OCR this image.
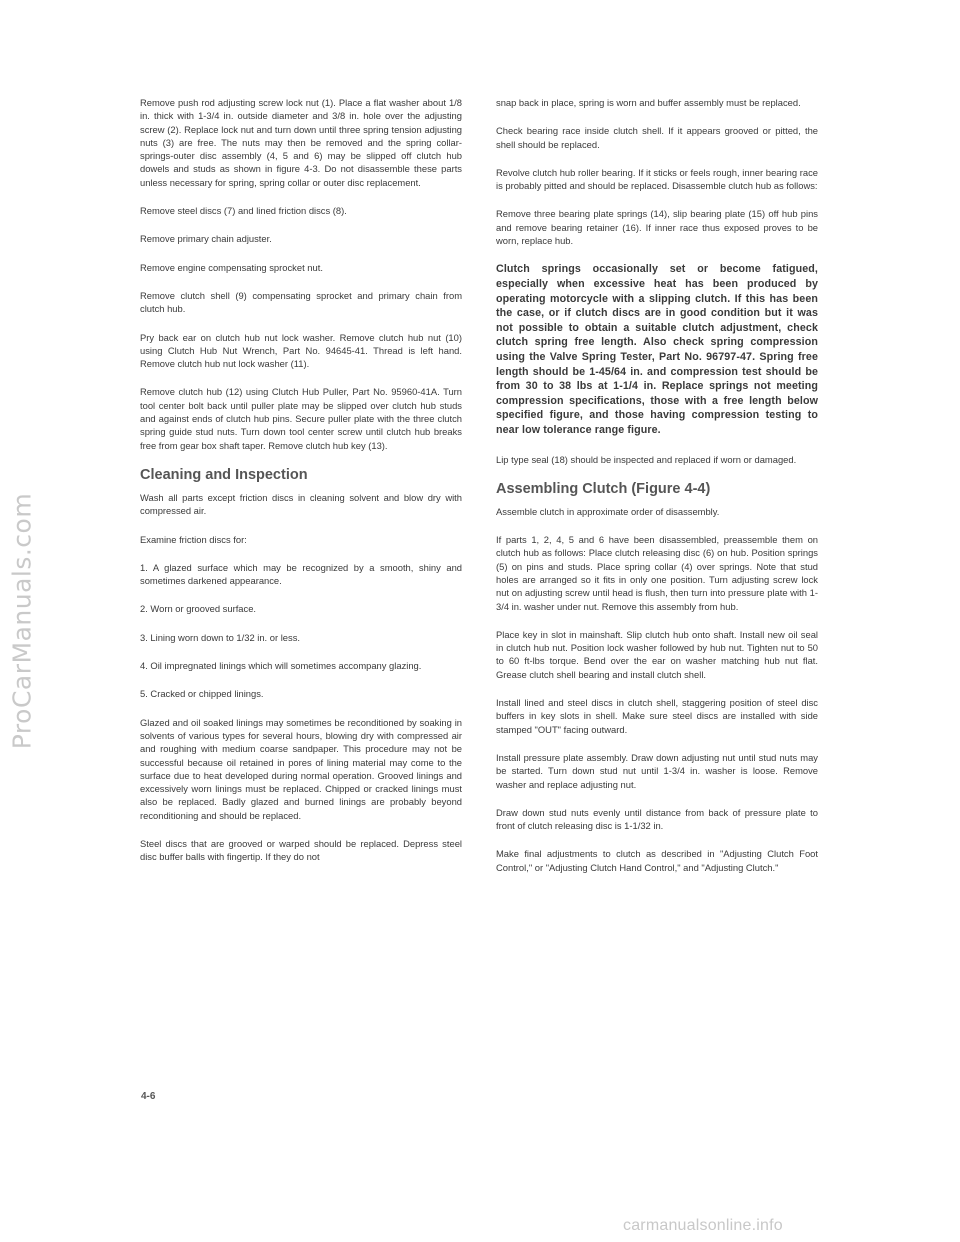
ProCarManuals.com

Remove push rod adjusting screw lock nut (1). Place a flat washer about 1/8 in. thick with 1-3/4 in. outside diameter and 3/8 in. hole over the adjusting screw (2). Replace lock nut and turn down until three spring tension adjusting nuts (3) are free. The nuts may then be removed and the spring collar-springs-outer disc assembly (4, 5 and 6) may be slipped off clutch hub dowels and studs as shown in figure 4-3. Do not disassemble these parts unless necessary for spring, spring collar or outer disc replacement.

Remove steel discs (7) and lined friction discs (8).

Remove primary chain adjuster.

Remove engine compensating sprocket nut.

Remove clutch shell (9) compensating sprocket and primary chain from clutch hub.

Pry back ear on clutch hub nut lock washer. Remove clutch hub nut (10) using Clutch Hub Nut Wrench, Part No. 94645-41. Thread is left hand. Remove clutch hub nut lock washer (11).

Remove clutch hub (12) using Clutch Hub Puller, Part No. 95960-41A. Turn tool center bolt back until puller plate may be slipped over clutch hub studs and against ends of clutch hub pins. Secure puller plate with the three clutch spring guide stud nuts. Turn down tool center screw until clutch hub breaks free from gear box shaft taper. Remove clutch hub key (13).

Cleaning and Inspection

Wash all parts except friction discs in cleaning solvent and blow dry with compressed air.

Examine friction discs for:

1. A glazed surface which may be recognized by a smooth, shiny and sometimes darkened appearance.

2. Worn or grooved surface.

3. Lining worn down to 1/32 in. or less.

4. Oil impregnated linings which will sometimes accompany glazing.

5. Cracked or chipped linings.

Glazed and oil soaked linings may sometimes be reconditioned by soaking in solvents of various types for several hours, blowing dry with compressed air and roughing with medium coarse sandpaper. This procedure may not be successful because oil retained in pores of lining material may come to the surface due to heat developed during normal operation. Grooved linings and excessively worn linings must be replaced. Chipped or cracked linings must also be replaced. Badly glazed and burned linings are probably beyond reconditioning and should be replaced.

Steel discs that are grooved or warped should be replaced. Depress steel disc buffer balls with fingertip. If they do not

snap back in place, spring is worn and buffer assembly must be replaced.

Check bearing race inside clutch shell. If it appears grooved or pitted, the shell should be replaced.

Revolve clutch hub roller bearing. If it sticks or feels rough, inner bearing race is probably pitted and should be replaced. Disassemble clutch hub as follows:

Remove three bearing plate springs (14), slip bearing plate (15) off hub pins and remove bearing retainer (16). If inner race thus exposed proves to be worn, replace hub.

Clutch springs occasionally set or become fatigued, especially when excessive heat has been produced by operating motorcycle with a slipping clutch. If this has been the case, or if clutch discs are in good condition but it was not possible to obtain a suitable clutch adjustment, check clutch spring free length. Also check spring compression using the Valve Spring Tester, Part No. 96797-47. Spring free length should be 1-45/64 in. and compression test should be from 30 to 38 lbs at 1-1/4 in. Replace springs not meeting compression specifications, those with a free length below specified figure, and those having compression testing to near low tolerance range figure.

Lip type seal (18) should be inspected and replaced if worn or damaged.

Assembling Clutch (Figure 4-4)

Assemble clutch in approximate order of disassembly.

If parts 1, 2, 4, 5 and 6 have been disassembled, preassemble them on clutch hub as follows: Place clutch releasing disc (6) on hub. Position springs (5) on pins and studs. Place spring collar (4) over springs. Note that stud holes are arranged so it fits in only one position. Turn adjusting screw lock nut on adjusting screw until head is flush, then turn into pressure plate with 1-3/4 in. washer under nut. Remove this assembly from hub.

Place key in slot in mainshaft. Slip clutch hub onto shaft. Install new oil seal in clutch hub nut. Position lock washer followed by hub nut. Tighten nut to 50 to 60 ft-lbs torque. Bend over the ear on washer matching hub nut flat. Grease clutch shell bearing and install clutch shell.

Install lined and steel discs in clutch shell, staggering position of steel disc buffers in key slots in shell. Make sure steel discs are installed with side stamped "OUT" facing outward.

Install pressure plate assembly. Draw down adjusting nut until stud nuts may be started. Turn down stud nut until 1-3/4 in. washer is loose. Remove washer and replace adjusting nut.

Draw down stud nuts evenly until distance from back of pressure plate to front of clutch releasing disc is 1-1/32 in.

Make final adjustments to clutch as described in "Adjusting Clutch Foot Control," or "Adjusting Clutch Hand Control," and "Adjusting Clutch."

4-6
carmanualsonline.info
